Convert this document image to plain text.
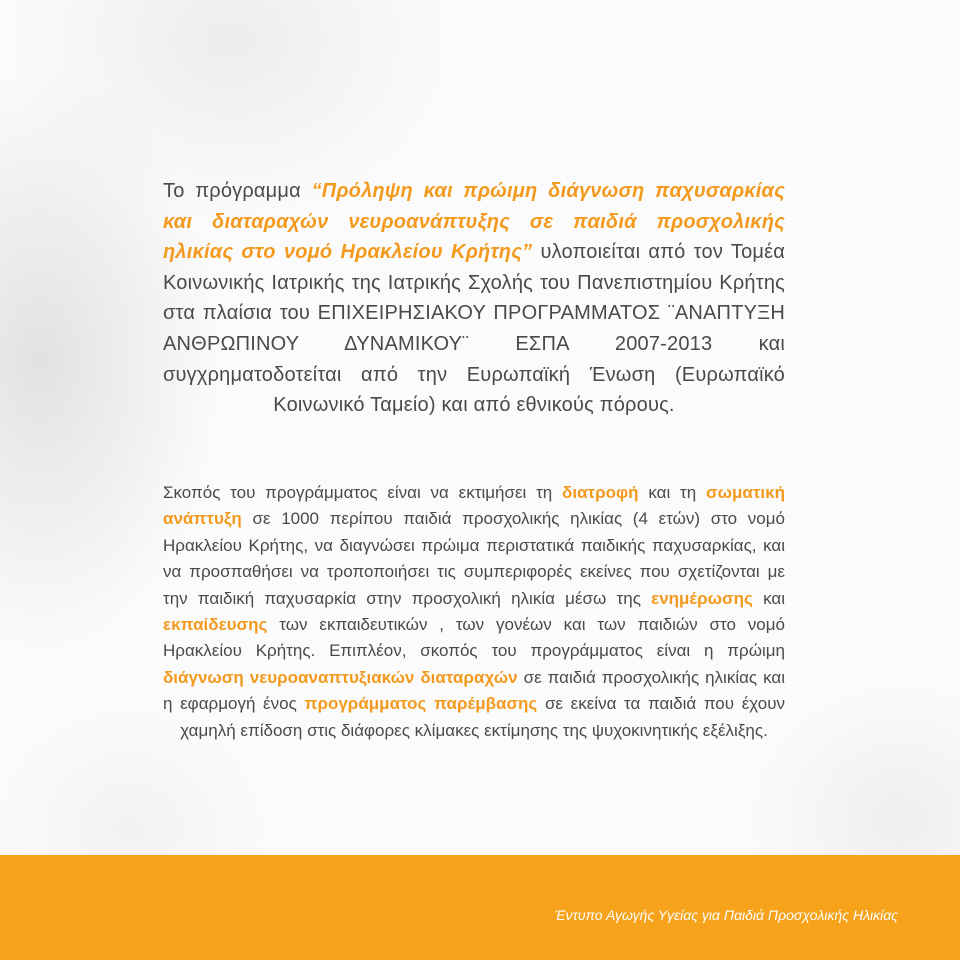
Το πρόγραμμα “Πρόληψη και πρώιμη διάγνωση παχυσαρκίας και διαταραχών νευροανάπτυξης σε παιδιά προσχολικής ηλικίας στο νομό Ηρακλείου Κρήτης” υλοποιείται από τον Τομέα Κοινωνικής Ιατρικής της Ιατρικής Σχολής του Πανεπιστημίου Κρήτης στα πλαίσια του ΕΠΙΧΕΙΡΗΣΙΑΚΟΥ ΠΡΟΓΡΑΜΜΑΤΟΣ ¨ΑΝΑΠΤΥΞΗ ΑΝΘΡΩΠΙΝΟΥ ΔΥΝΑΜΙΚΟΥ¨ ΕΣΠΑ 2007-2013 και συγχρηματοδοτείται από την Ευρωπαϊκή Ένωση (Ευρωπαϊκό Κοινωνικό Ταμείο) και από εθνικούς πόρους.

Σκοπός του προγράμματος είναι να εκτιμήσει τη διατροφή και τη σωματική ανάπτυξη σε 1000 περίπου παιδιά προσχολικής ηλικίας (4 ετών) στο νομό Ηρακλείου Κρήτης, να διαγνώσει πρώιμα περιστατικά παιδικής παχυσαρκίας, και να προσπαθήσει να τροποποιήσει τις συμπεριφορές εκείνες που σχετίζονται με την παιδική παχυσαρκία στην προσχολική ηλικία μέσω της ενημέρωσης και εκπαίδευσης των εκπαιδευτικών , των γονέων και των παιδιών στο νομό Ηρακλείου Κρήτης. Επιπλέον, σκοπός του προγράμματος είναι η πρώιμη διάγνωση νευροαναπτυξιακών διαταραχών σε παιδιά προσχολικής ηλικίας και η εφαρμογή ένος προγράμματος παρέμβασης σε εκείνα τα παιδιά που έχουν χαμηλή επίδοση στις διάφορες κλίμακες εκτίμησης της ψυχοκινητικής εξέλιξης.

Έντυπο Αγωγής Υγείας για Παιδιά Προσχολικής Ηλικίας
